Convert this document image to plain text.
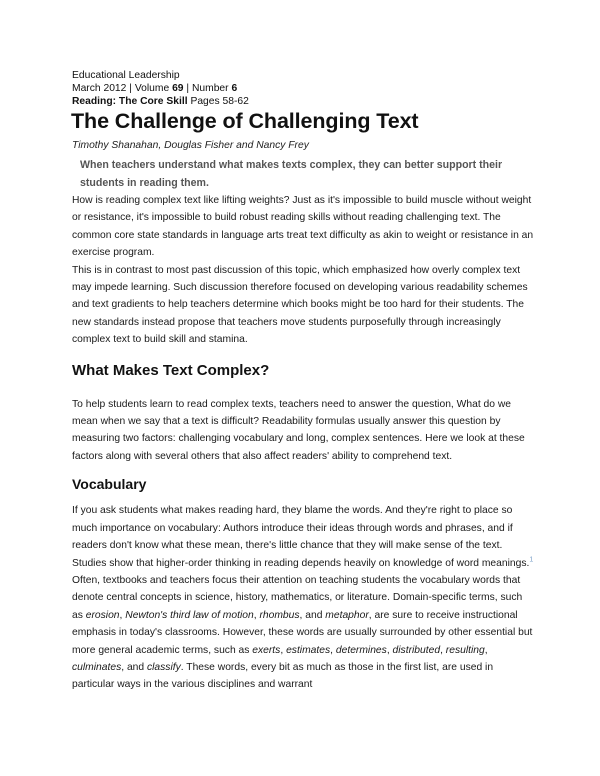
Educational Leadership
March 2012 | Volume 69 | Number 6
Reading: The Core Skill Pages 58-62
The Challenge of Challenging Text
Timothy Shanahan, Douglas Fisher and Nancy Frey
When teachers understand what makes texts complex, they can better support their students in reading them.

How is reading complex text like lifting weights? Just as it's impossible to build muscle without weight or resistance, it's impossible to build robust reading skills without reading challenging text. The common core state standards in language arts treat text difficulty as akin to weight or resistance in an exercise program.

This is in contrast to most past discussion of this topic, which emphasized how overly complex text may impede learning. Such discussion therefore focused on developing various readability schemes and text gradients to help teachers determine which books might be too hard for their students. The new standards instead propose that teachers move students purposefully through increasingly complex text to build skill and stamina.

What Makes Text Complex?

To help students learn to read complex texts, teachers need to answer the question, What do we mean when we say that a text is difficult? Readability formulas usually answer this question by measuring two factors: challenging vocabulary and long, complex sentences. Here we look at these factors along with several others that also affect readers' ability to comprehend text.

Vocabulary

If you ask students what makes reading hard, they blame the words. And they're right to place so much importance on vocabulary: Authors introduce their ideas through words and phrases, and if readers don't know what these mean, there's little chance that they will make sense of the text. Studies show that higher-order thinking in reading depends heavily on knowledge of word meanings.$^1$

Often, textbooks and teachers focus their attention on teaching students the vocabulary words that denote central concepts in science, history, mathematics, or literature. Domain-specific terms, such as erosion, Newton's third law of motion, rhombus, and metaphor, are sure to receive instructional emphasis in today's classrooms. However, these words are usually surrounded by other essential but more general academic terms, such as exerts, estimates, determines, distributed, resulting, culminates, and classify. These words, every bit as much as those in the first list, are used in particular ways in the various disciplines and warrant
